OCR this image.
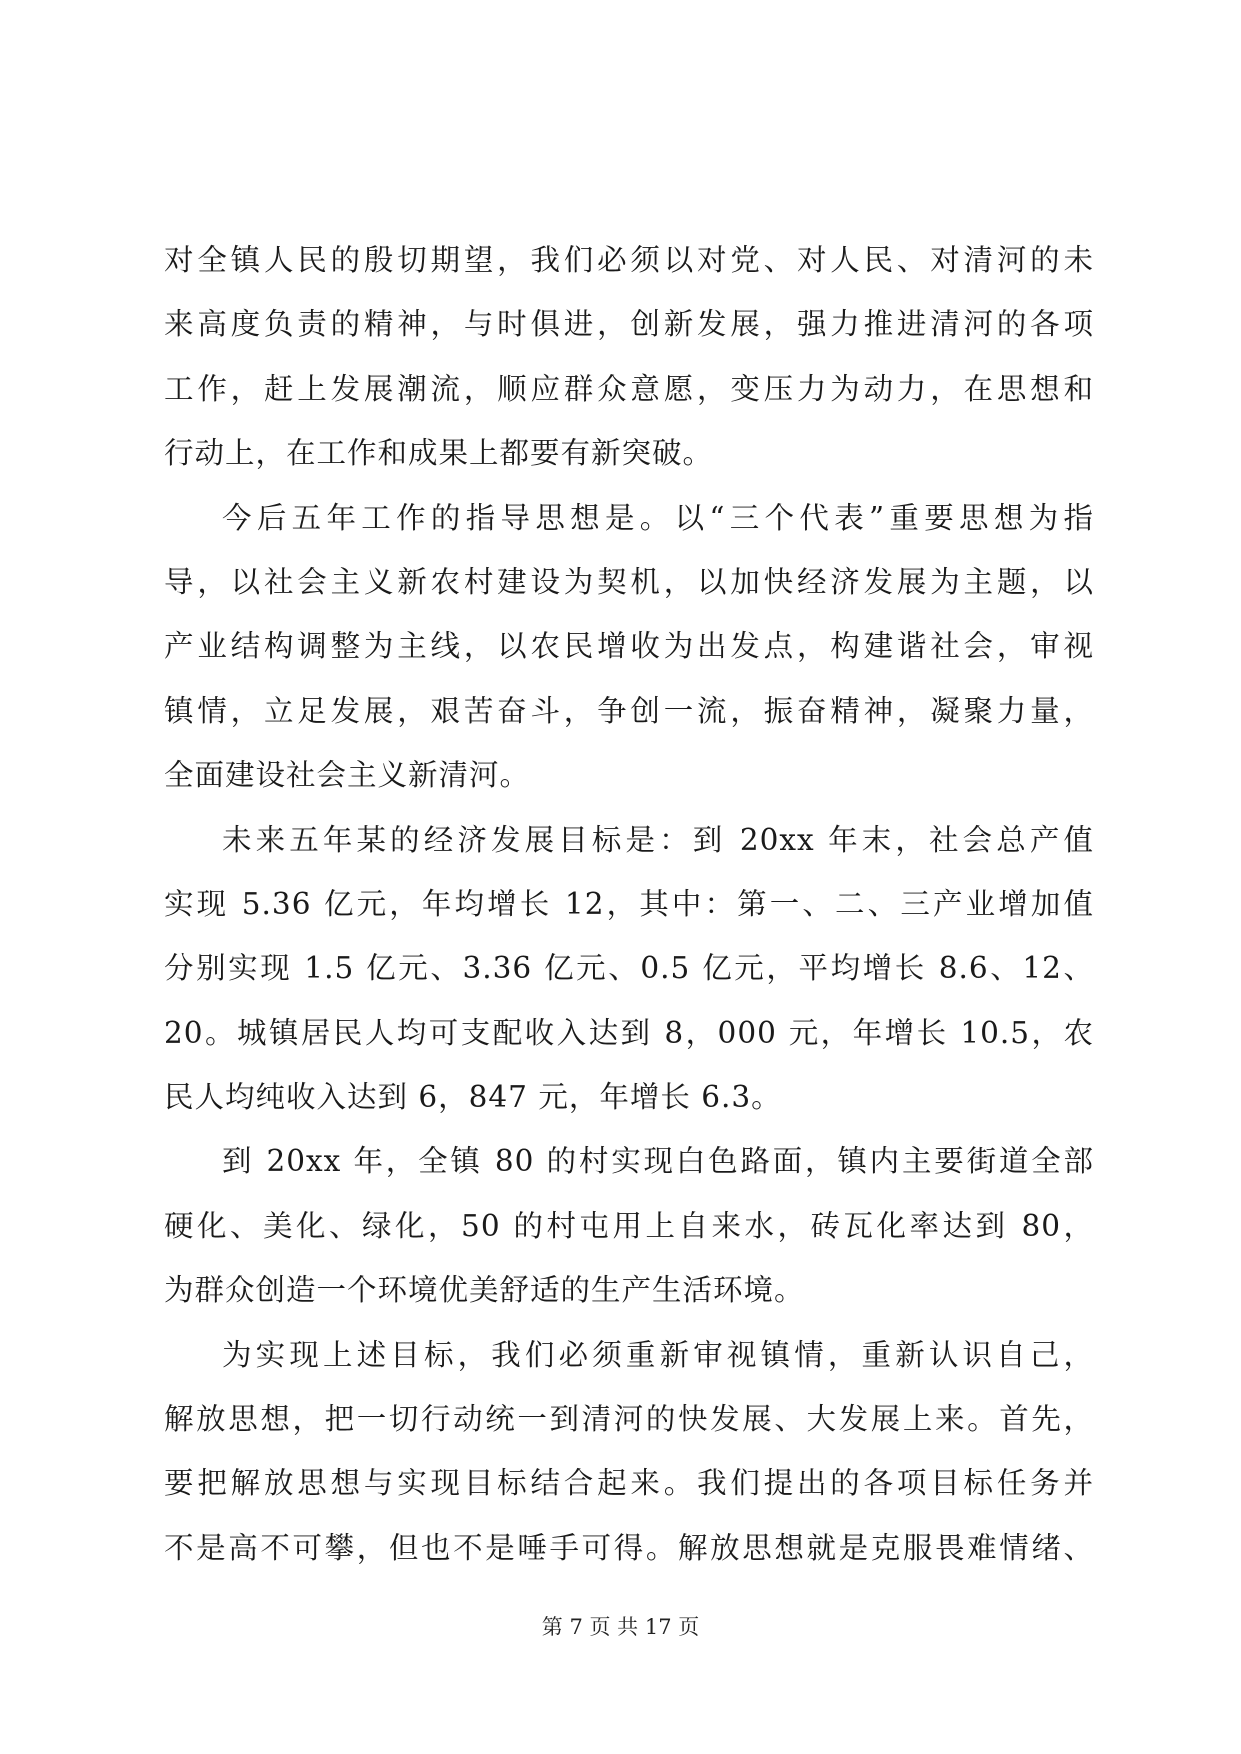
对全镇人民的殷切期望，我们必须以对党、对人民、对清河的未
来高度负责的精神，与时俱进，创新发展，强力推进清河的各项
工作，赶上发展潮流，顺应群众意愿，变压力为动力，在思想和
行动上，在工作和成果上都要有新突破。
今后五年工作的指导思想是。以“三个代表”重要思想为指
导，以社会主义新农村建设为契机，以加快经济发展为主题，以
产业结构调整为主线，以农民增收为出发点，构建谐社会，审视
镇情，立足发展，艰苦奋斗，争创一流，振奋精神，凝聚力量，
全面建设社会主义新清河。
未来五年某的经济发展目标是：到 20xx 年末，社会总产值
实现 5.36 亿元，年均增长 12，其中：第一、二、三产业增加值
分别实现 1.5 亿元、3.36 亿元、0.5 亿元，平均增长 8.6、12、
20。城镇居民人均可支配收入达到 8，000 元，年增长 10.5，农
民人均纯收入达到 6，847 元，年增长 6.3。
到 20xx 年，全镇 80 的村实现白色路面，镇内主要街道全部
硬化、美化、绿化，50 的村屯用上自来水，砖瓦化率达到 80，
为群众创造一个环境优美舒适的生产生活环境。
为实现上述目标，我们必须重新审视镇情，重新认识自己，
解放思想，把一切行动统一到清河的快发展、大发展上来。首先，
要把解放思想与实现目标结合起来。我们提出的各项目标任务并
不是高不可攀，但也不是唾手可得。解放思想就是克服畏难情绪、
第 7 页 共 17 页
